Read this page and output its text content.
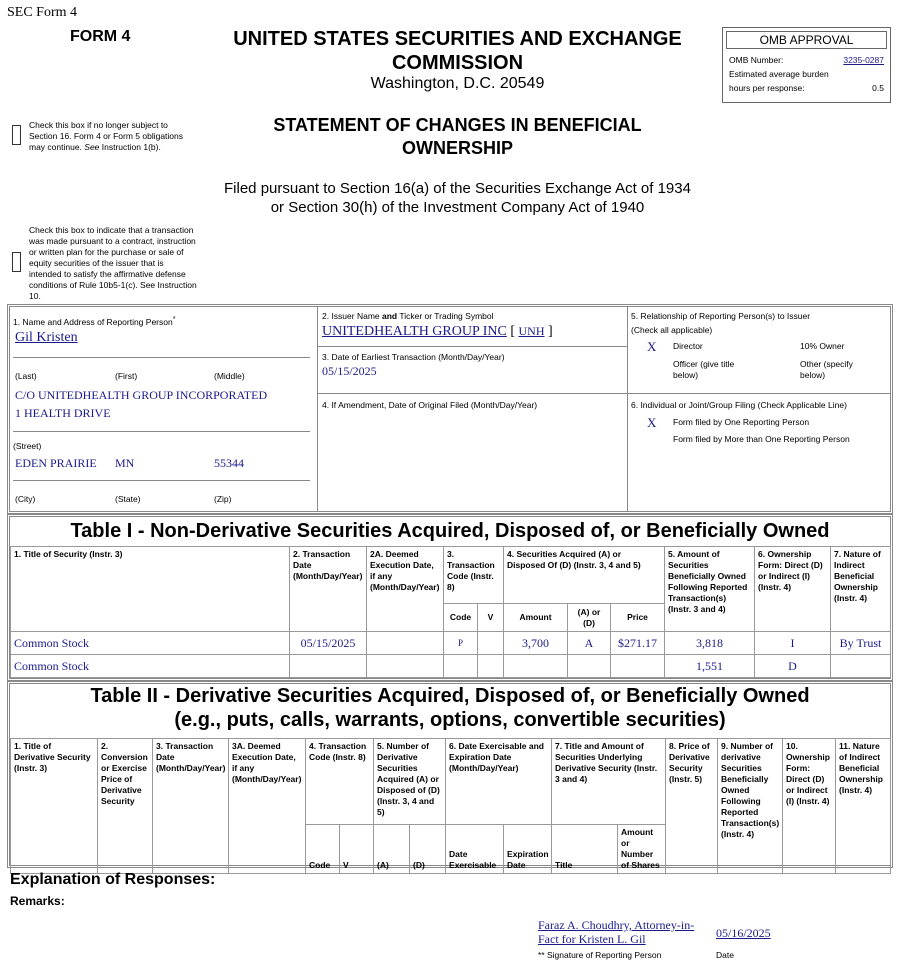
SEC Form 4
FORM 4	UNITED STATES SECURITIES AND EXCHANGE
COMMISSION
Washington, D.C. 20549
OMB APPROVAL
OMB Number:	3235-0287
Estimated average burden
hours per response:	0.5
STATEMENT OF CHANGES IN BENEFICIAL
OWNERSHIP
Filed pursuant to Section 16(a) of the Securities Exchange Act of 1934
or Section 30(h) of the Investment Company Act of 1940
Check this box if no longer subject to
Section 16. Form 4 or Form 5 obligations
may continue. See Instruction 1(b).
Check this box to indicate that a transaction
was made pursuant to a contract, instruction
or written plan for the purchase or sale of
equity securities of the issuer that is
intended to satisfy the affirmative defense
conditions of Rule 10b5-1(c). See Instruction
10.
1. Name and Address of Reporting Person*
Gil Kristen
(Last)	(First)	(Middle)
C/O UNITEDHEALTH GROUP INCORPORATED
1 HEALTH DRIVE
(Street)
EDEN PRAIRIE MN	55344
(City)	(State)	(Zip)
2. Issuer Name and Ticker or Trading Symbol
UNITEDHEALTH GROUP INC [ UNH ]
3. Date of Earliest Transaction (Month/Day/Year)
05/15/2025
4. If Amendment, Date of Original Filed (Month/Day/Year)
5. Relationship of Reporting Person(s) to Issuer
(Check all applicable)
X Director	10% Owner
Officer (give title
below)
Other (specify
below)
6. Individual or Joint/Group Filing (Check Applicable Line)
X Form filed by One Reporting Person
Form filed by More than One Reporting Person
Table I - Non-Derivative Securities Acquired, Disposed of, or Beneficially Owned
1. Title of Security (Instr. 3)	2. Transaction Date (Month/Day/Year)	2A. Deemed Execution Date, if any (Month/Day/Year)	3. Transaction Code (Instr. 8)		4. Securities Acquired (A) or Disposed Of (D) (Instr. 3, 4 and 5)			5. Amount of Securities Beneficially Owned Following Reported Transaction(s) (Instr. 3 and 4)	6. Ownership Form: Direct (D) or Indirect (I) (Instr. 4)	7. Nature of Indirect Beneficial Ownership (Instr. 4)
			Code	V	Amount	(A) or (D)	Price			
Common Stock	05/15/2025		P		3,700	A	$271.17	3,818	I	By Trust
Common Stock								1,551	D	
Table II - Derivative Securities Acquired, Disposed of, or Beneficially Owned
(e.g., puts, calls, warrants, options, convertible securities)
1. Title of Derivative Security (Instr. 3)	2. Conversion or Exercise Price of Derivative Security	3. Transaction Date (Month/Day/Year)	3A. Deemed Execution Date, if any (Month/Day/Year)	4. Transaction Code (Instr. 8)		5. Number of Derivative Securities Acquired (A) or Disposed of (D) (Instr. 3, 4 and 5)		6. Date Exercisable and Expiration Date (Month/Day/Year)		7. Title and Amount of Securities Underlying Derivative Security (Instr. 3 and 4)		8. Price of Derivative Security (Instr. 5)	9. Number of derivative Securities Beneficially Owned Following Reported Transaction(s) (Instr. 4)	10. Ownership Form: Direct (D) or Indirect (I) (Instr. 4)	11. Nature of Indirect Beneficial Ownership (Instr. 4)
				Code	V	(A)	(D)	Date Exercisable	Expiration Date	Title	Amount or Number of Shares				
Explanation of Responses:
Remarks:
Faraz A. Choudhry, Attorney-in-
Fact for Kristen L. Gil	05/16/2025
** Signature of Reporting Person	Date
